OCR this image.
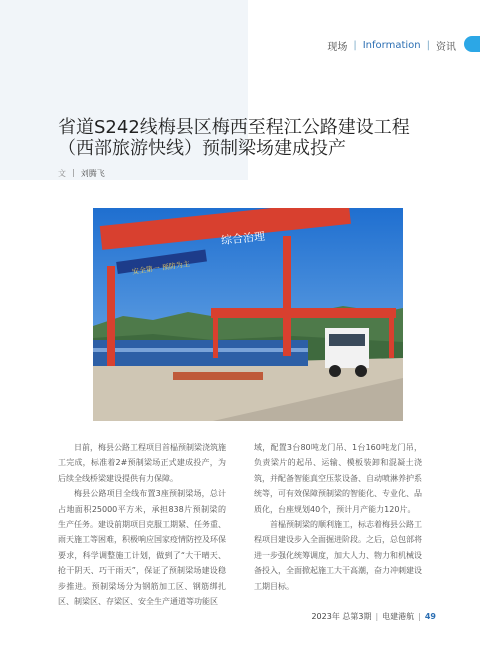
现场 | Information | 资讯
省道S242线梅县区梅西至程江公路建设工程
（西部旅游快线）预制梁场建成投产
文 | 刘腾飞
综合治理
安全第一 预防为主

日前，梅县公路工程项目首榀预制梁浇筑施工完成，标准着2#预制梁场正式建成投产，为后续全线桥梁建设提供有力保障。

梅县公路项目全线布置3座预制梁场，总计占地面积25000平方米，承担838片预制梁的生产任务。建设前期项目克服工期紧、任务重、雨天施工等困难，积极响应国家疫情防控及环保要求，科学调整施工计划，做到了“大干晴天、抢干阴天、巧干雨天”，保证了预制梁场建设稳步推进。预制梁场分为钢筋加工区、钢筋绑扎区、制梁区、存梁区、安全生产通道等功能区

域，配置3台80吨龙门吊、1台160吨龙门吊，负责梁片的起吊、运输、模板装卸和混凝土浇筑，并配备智能真空压浆设备、自动喷淋养护系统等，可有效保障预制梁的智能化、专业化、品质化，台座规划40个，预计月产能力120片。

首榀预制梁的顺利施工，标志着梅县公路工程项目建设步入全面掘进阶段。之后，总包部将进一步强化统筹调度，加大人力、物力和机械设备投入，全面掀起施工大干高潮，奋力冲刺建设工期目标。

2023年 总第3期 | 电建港航 | 49
